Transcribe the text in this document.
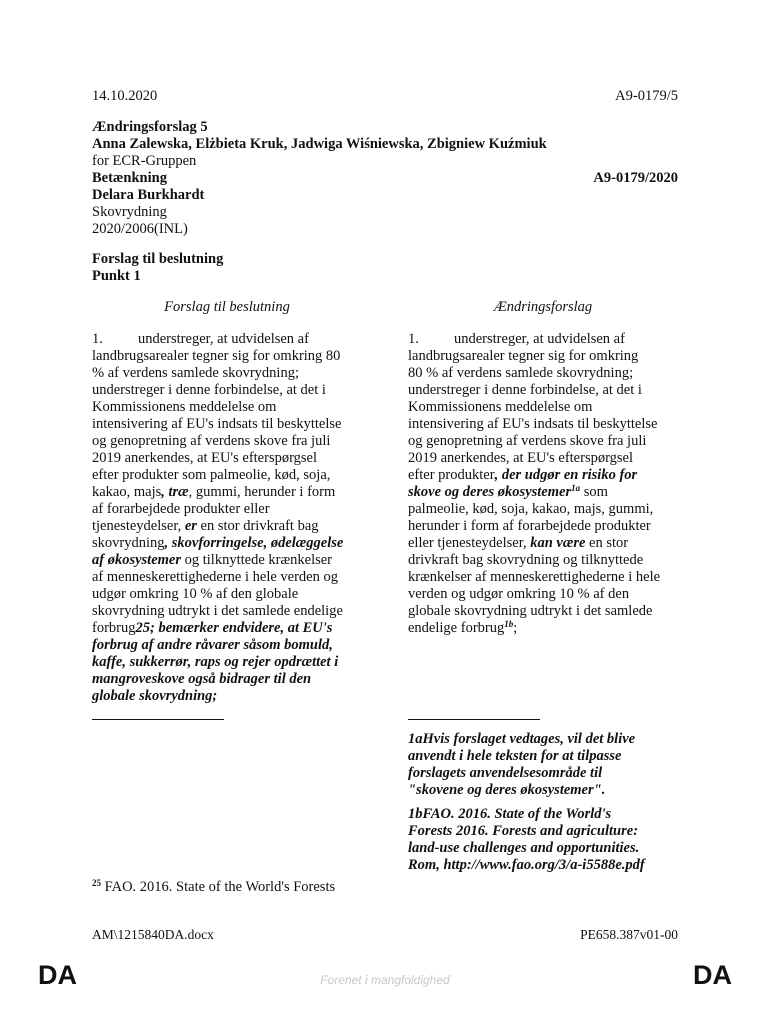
14.10.2020	A9-0179/5
Ændringsforslag 5
Anna Zalewska, Elżbieta Kruk, Jadwiga Wiśniewska, Zbigniew Kuźmiuk
for ECR-Gruppen
Betænkning	A9-0179/2020
Delara Burkhardt
Skovrydning
2020/2006(INL)
Forslag til beslutning
Punkt 1
Forslag til beslutning	Ændringsforslag
1. understreger, at udvidelsen af
landbrugsarealer tegner sig for omkring 80
% af verdens samlede skovrydning;
understreger i denne forbindelse, at det i
Kommissionens meddelelse om
intensivering af EU's indsats til beskyttelse
og genopretning af verdens skove fra juli
2019 anerkendes, at EU's efterspørgsel
efter produkter som palmeolie, kød, soja,
kakao, majs, træ, gummi, herunder i form
af forarbejdede produkter eller
tjenesteydelser, er en stor drivkraft bag
skovrydning, skovforringelse, ødelæggelse
af økosystemer og tilknyttede krænkelser
af menneskerettighederne i hele verden og
udgør omkring 10 % af den globale
skovrydning udtrykt i det samlede endelige
forbrug25; bemærker endvidere, at EU's
forbrug af andre råvarer såsom bomuld,
kaffe, sukkerrør, raps og rejer opdrættet i
mangroveskove også bidrager til den
globale skovrydning;
1. understreger, at udvidelsen af
landbrugsarealer tegner sig for omkring
80 % af verdens samlede skovrydning;
understreger i denne forbindelse, at det i
Kommissionens meddelelse om
intensivering af EU's indsats til beskyttelse
og genopretning af verdens skove fra juli
2019 anerkendes, at EU's efterspørgsel
efter produkter, der udgør en risiko for
skove og deres økosystemer$^{1a}$ som
palmeolie, kød, soja, kakao, majs, gummi,
herunder i form af forarbejdede produkter
eller tjenesteydelser, kan være en stor
drivkraft bag skovrydning og tilknyttede
krænkelser af menneskerettighederne i hele
verden og udgør omkring 10 % af den
globale skovrydning udtrykt i det samlede
endelige forbrug$^{1b}$;
1aHvis forslaget vedtages, vil det blive
anvendt i hele teksten for at tilpasse
forslagets anvendelsesområde til
"skovene og deres økosystemer".
1bFAO. 2016. State of the World's
Forests 2016. Forests and agriculture:
land-use challenges and opportunities.
Rom, http://www.fao.org/3/a-i5588e.pdf
$^{25}$ FAO. 2016. State of the World's Forests
AM\1215840DA.docx	PE658.387v01-00
DA	DA
Forenet i mangfoldighed
